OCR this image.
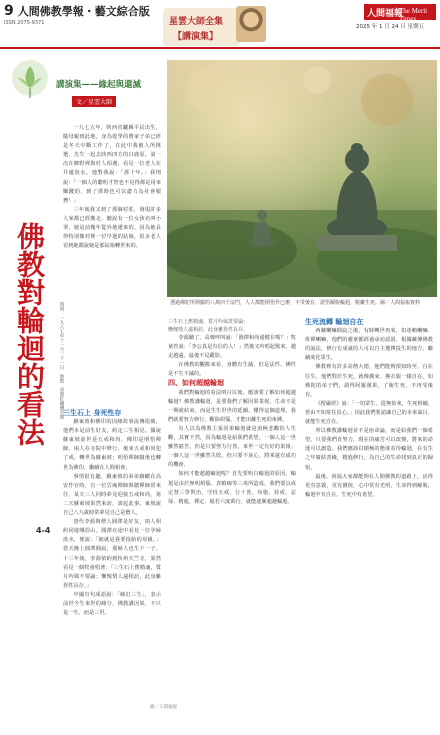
9 人間佛教學報・藝文綜合版
ISSN 2075-9371	星雲大師全集
【講演集】
人間福報
The Merit Times
2025 年 1 月 24 日 星期五
講演集——緣起與還滅
文／星雲大師
佛教對輪迴的看法	時間：一九八七年十一月二十一日　地點：香港紅磡體育館
4-4
透過佛陀所開顯的八萬四千法門，人人都能開悟作已辦，不受後有，證悟解脫輪迴，脫離生死。圖／人間福報資料

一九七五年，陝西省驪縣平民出生，隨母親到此地，身為遊學的農家子弟已經是冬天中斷工作了，在此中我被人所挑選，先生一起去陝西四方的白鹿原。第一次在鄉野裡與村人相遇，看見一位老人在井邊汲水。他對我說：「那十年。」我則說：「一個人的聰明才智也不見得都是用來賺錢的，到了那時也可以盡力為社會服務！」

三年後我又到了那個村莊，發現許多人家都已經搬走。聽說有一位女孩名叫小翠，她是前幾年從外地遷來的。因為她長得特別像村裡一位早逝的姑娘，很多老人看到她都說她是那姑娘轉世來的。

三生石上 身死性存

蘇東坡和佛印的因緣故事流傳很廣，他們本是前生好友，約定三生相見。據說蘇東坡前世是五戒和尚，佛印是明悟禪師，兩人在寺院中修行，後來五戒和尚犯了戒，轉世為蘇東坡；明悟禪師隨後也轉世為佛印，繼續在人間相會。

事情很有趣，蘇東坡的弟弟蘇轍在高安作官時，有一位雲庵禪師與聰禪師常來往，某天三人同時夢見迎接五戒和尚，第二天蘇東坡果然來訪，談起此事，東坡說自己八九歲時常夢見自己是僧人。

唐代李源與僧人圓澤是好友，兩人相約同遊峨眉山。圓澤在途中看見一位孕婦汲水，便說：「她就是我要投胎的母親。」當天晚上圓澤圓寂，那婦人也生下一子。十三年後，李源依約到杭州天竺寺，果然看見一個牧童唱著：「三生石上舊精魂，賞月吟風不要論；慚愧情人遠相訪，此身雖異性長存。」

中國有句成語說：「緣訂三生」，表示前世今生來世的緣分，佛教講因果，不只是一生，而是三世。

三生石上舊精魂，賞月吟風莫要論；

慚愧情人遠相訪，此身雖異性長存。

李源聽了，高聲呼叫說：「圓澤和尚還健在嗎？」牧童答說：「李公真是有信的人！」然後又吟唱起歌來，越走越遠，最後不見蹤影。

在佛教的觀點來看，身體有生滅，但是法性、佛性是不生不滅的。

四、如何超越輪迴

我們對輪迴的看法明白以後，應該要了解如何超越輪迴？佛教講輪迴，是要我們了解因果業報，生命不是一期就結束，而是生生世世的延續。懂得這個道理，我們就要努力修行，斷除煩惱，才能出離生死的束縛。

有人以為佛教主張因果輪迴就是消極悲觀的人生觀，其實不然，因為輪迴是給我們希望。一個人這一世雖然窮苦，但是只要努力行善，來世一定有好的果報；一個人這一世雖然失敗，但只要不灰心，將來還有成功的機會。

如何才能超越輪迴呢？首先要明白輪迴的原因，輪迴是由於無明煩惱、貪瞋痴等三毒所造成。我們要以戒定慧三學對治，守持五戒，行十善，布施、持戒、忍辱、精進、禪定、般若六度萬行，就能逐漸超越輪迴。

生死流轉 輪迴自在

西藏喇嘛圓寂之後，有時轉世再來，如達賴喇嘛、班禪喇嘛，他們的靈童都經過尋訪認證。根據藏傳佛教的說法，修行有成就的人可以自主選擇投生的地方，繼續度化眾生。

佛教裡有許多高僧大德，他們能夠預知時至，自在往生，他們對於生死，就像搬家、換衣服一樣自在。如佛陀的弟子們，證得阿羅漢果，了脫生死，不再受後有。

《楞嚴經》說：「一切眾生，從無始來，生死相續，皆由不知常住真心。」因此我們要認識自己的本來面目，就能生死自在。

所以佛教講輪迴並不是宿命論，而是給我們一個希望。只要我們肯努力，現在的痛苦可以改變，將來的命運可以創造。我們應該以積極的態度看待輪迴，在有生之年廣結善緣，精進修行，為自己的生命找到真正的歸宿。

最後，祝福大家都能夠在人間佛教的道路上，活得更有意義，更有價值，心中常有光明，生命得到解脫，輪迴中有自在，生死中有希望。

圖／人間福報
